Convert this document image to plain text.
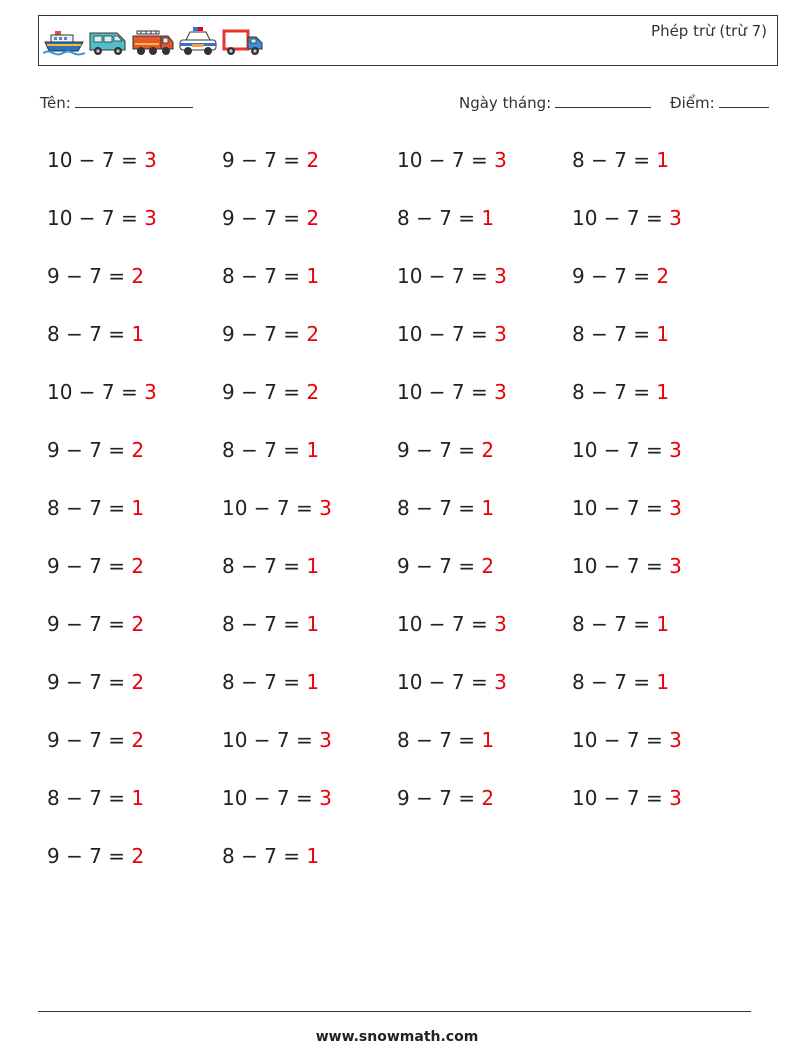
Phép trừ (trừ 7)
Tên:	Ngày tháng:	Điểm:
10 − 7 = 3	9 − 7 = 2	10 − 7 = 3	8 − 7 = 1
10 − 7 = 3	9 − 7 = 2	8 − 7 = 1	10 − 7 = 3
9 − 7 = 2	8 − 7 = 1	10 − 7 = 3	9 − 7 = 2
8 − 7 = 1	9 − 7 = 2	10 − 7 = 3	8 − 7 = 1
10 − 7 = 3	9 − 7 = 2	10 − 7 = 3	8 − 7 = 1
9 − 7 = 2	8 − 7 = 1	9 − 7 = 2	10 − 7 = 3
8 − 7 = 1	10 − 7 = 3	8 − 7 = 1	10 − 7 = 3
9 − 7 = 2	8 − 7 = 1	9 − 7 = 2	10 − 7 = 3
9 − 7 = 2	8 − 7 = 1	10 − 7 = 3	8 − 7 = 1
9 − 7 = 2	8 − 7 = 1	10 − 7 = 3	8 − 7 = 1
9 − 7 = 2	10 − 7 = 3	8 − 7 = 1	10 − 7 = 3
8 − 7 = 1	10 − 7 = 3	9 − 7 = 2	10 − 7 = 3
9 − 7 = 2	8 − 7 = 1
www.snowmath.com
